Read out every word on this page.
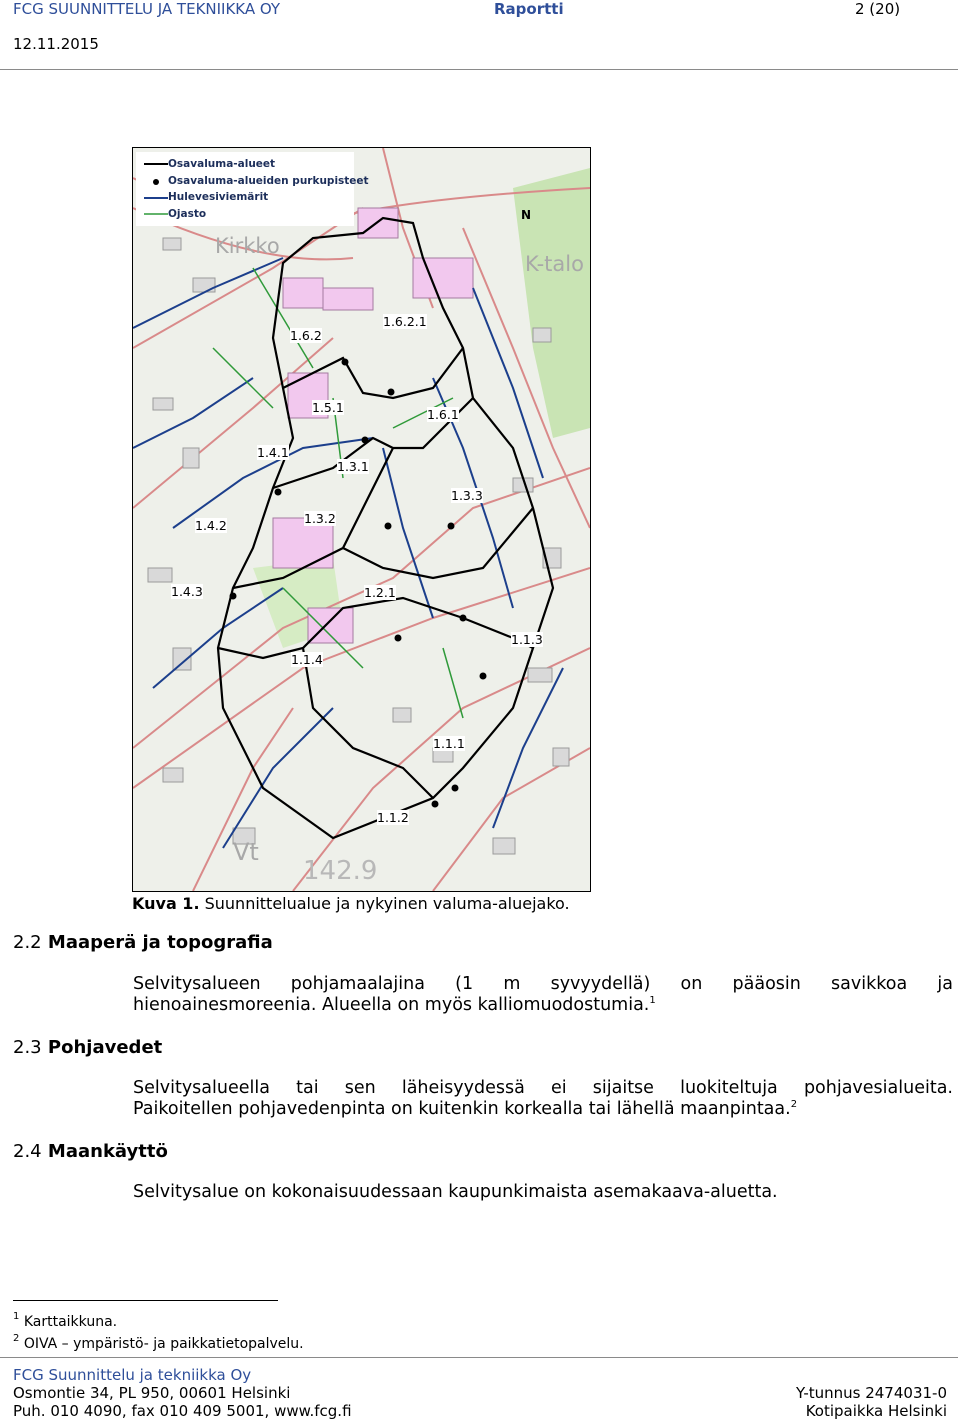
FCG SUUNNITTELU JA TEKNIIKKA OY	Raportti	2 (20)
12.11.2015
Osavaluma-alueet
Osavaluma-alueiden purkupisteet
Hulevesiviemärit
Ojasto
Kirkko
K-talo
Vt
142.9
N
1.6.2.1
1.6.2
1.5.1	1.6.1
1.4.1
1.3.1
1.3.3
1.3.2
1.4.2
1.4.3	1.2.1
1.1.3
1.1.4
1.1.1
1.1.2
Kuva 1. Suunnittelualue ja nykyinen valuma-aluejako.
2.2 Maaperä ja topografia
Selvitysalueen pohjamaalajina (1 m syvyydellä) on pääosin savikkoa ja
hienoainesmoreenia. Alueella on myös kalliomuodostumia.$^1$
2.3 Pohjavedet
Selvitysalueella tai sen läheisyydessä ei sijaitse luokiteltuja pohjavesialueita.
Paikoitellen pohjavedenpinta on kuitenkin korkealla tai lähellä maanpintaa.$^2$
2.4 Maankäyttö
Selvitysalue on kokonaisuudessaan kaupunkimaista asemakaava-aluetta.
$^1$ Karttaikkuna.
$^2$ OIVA – ympäristö- ja paikkatietopalvelu.
FCG Suunnittelu ja tekniikka Oy
Osmontie 34, PL 950, 00601 Helsinki
Puh. 010 4090, fax 010 409 5001, www.fcg.fi
Y-tunnus 2474031-0
Kotipaikka Helsinki
